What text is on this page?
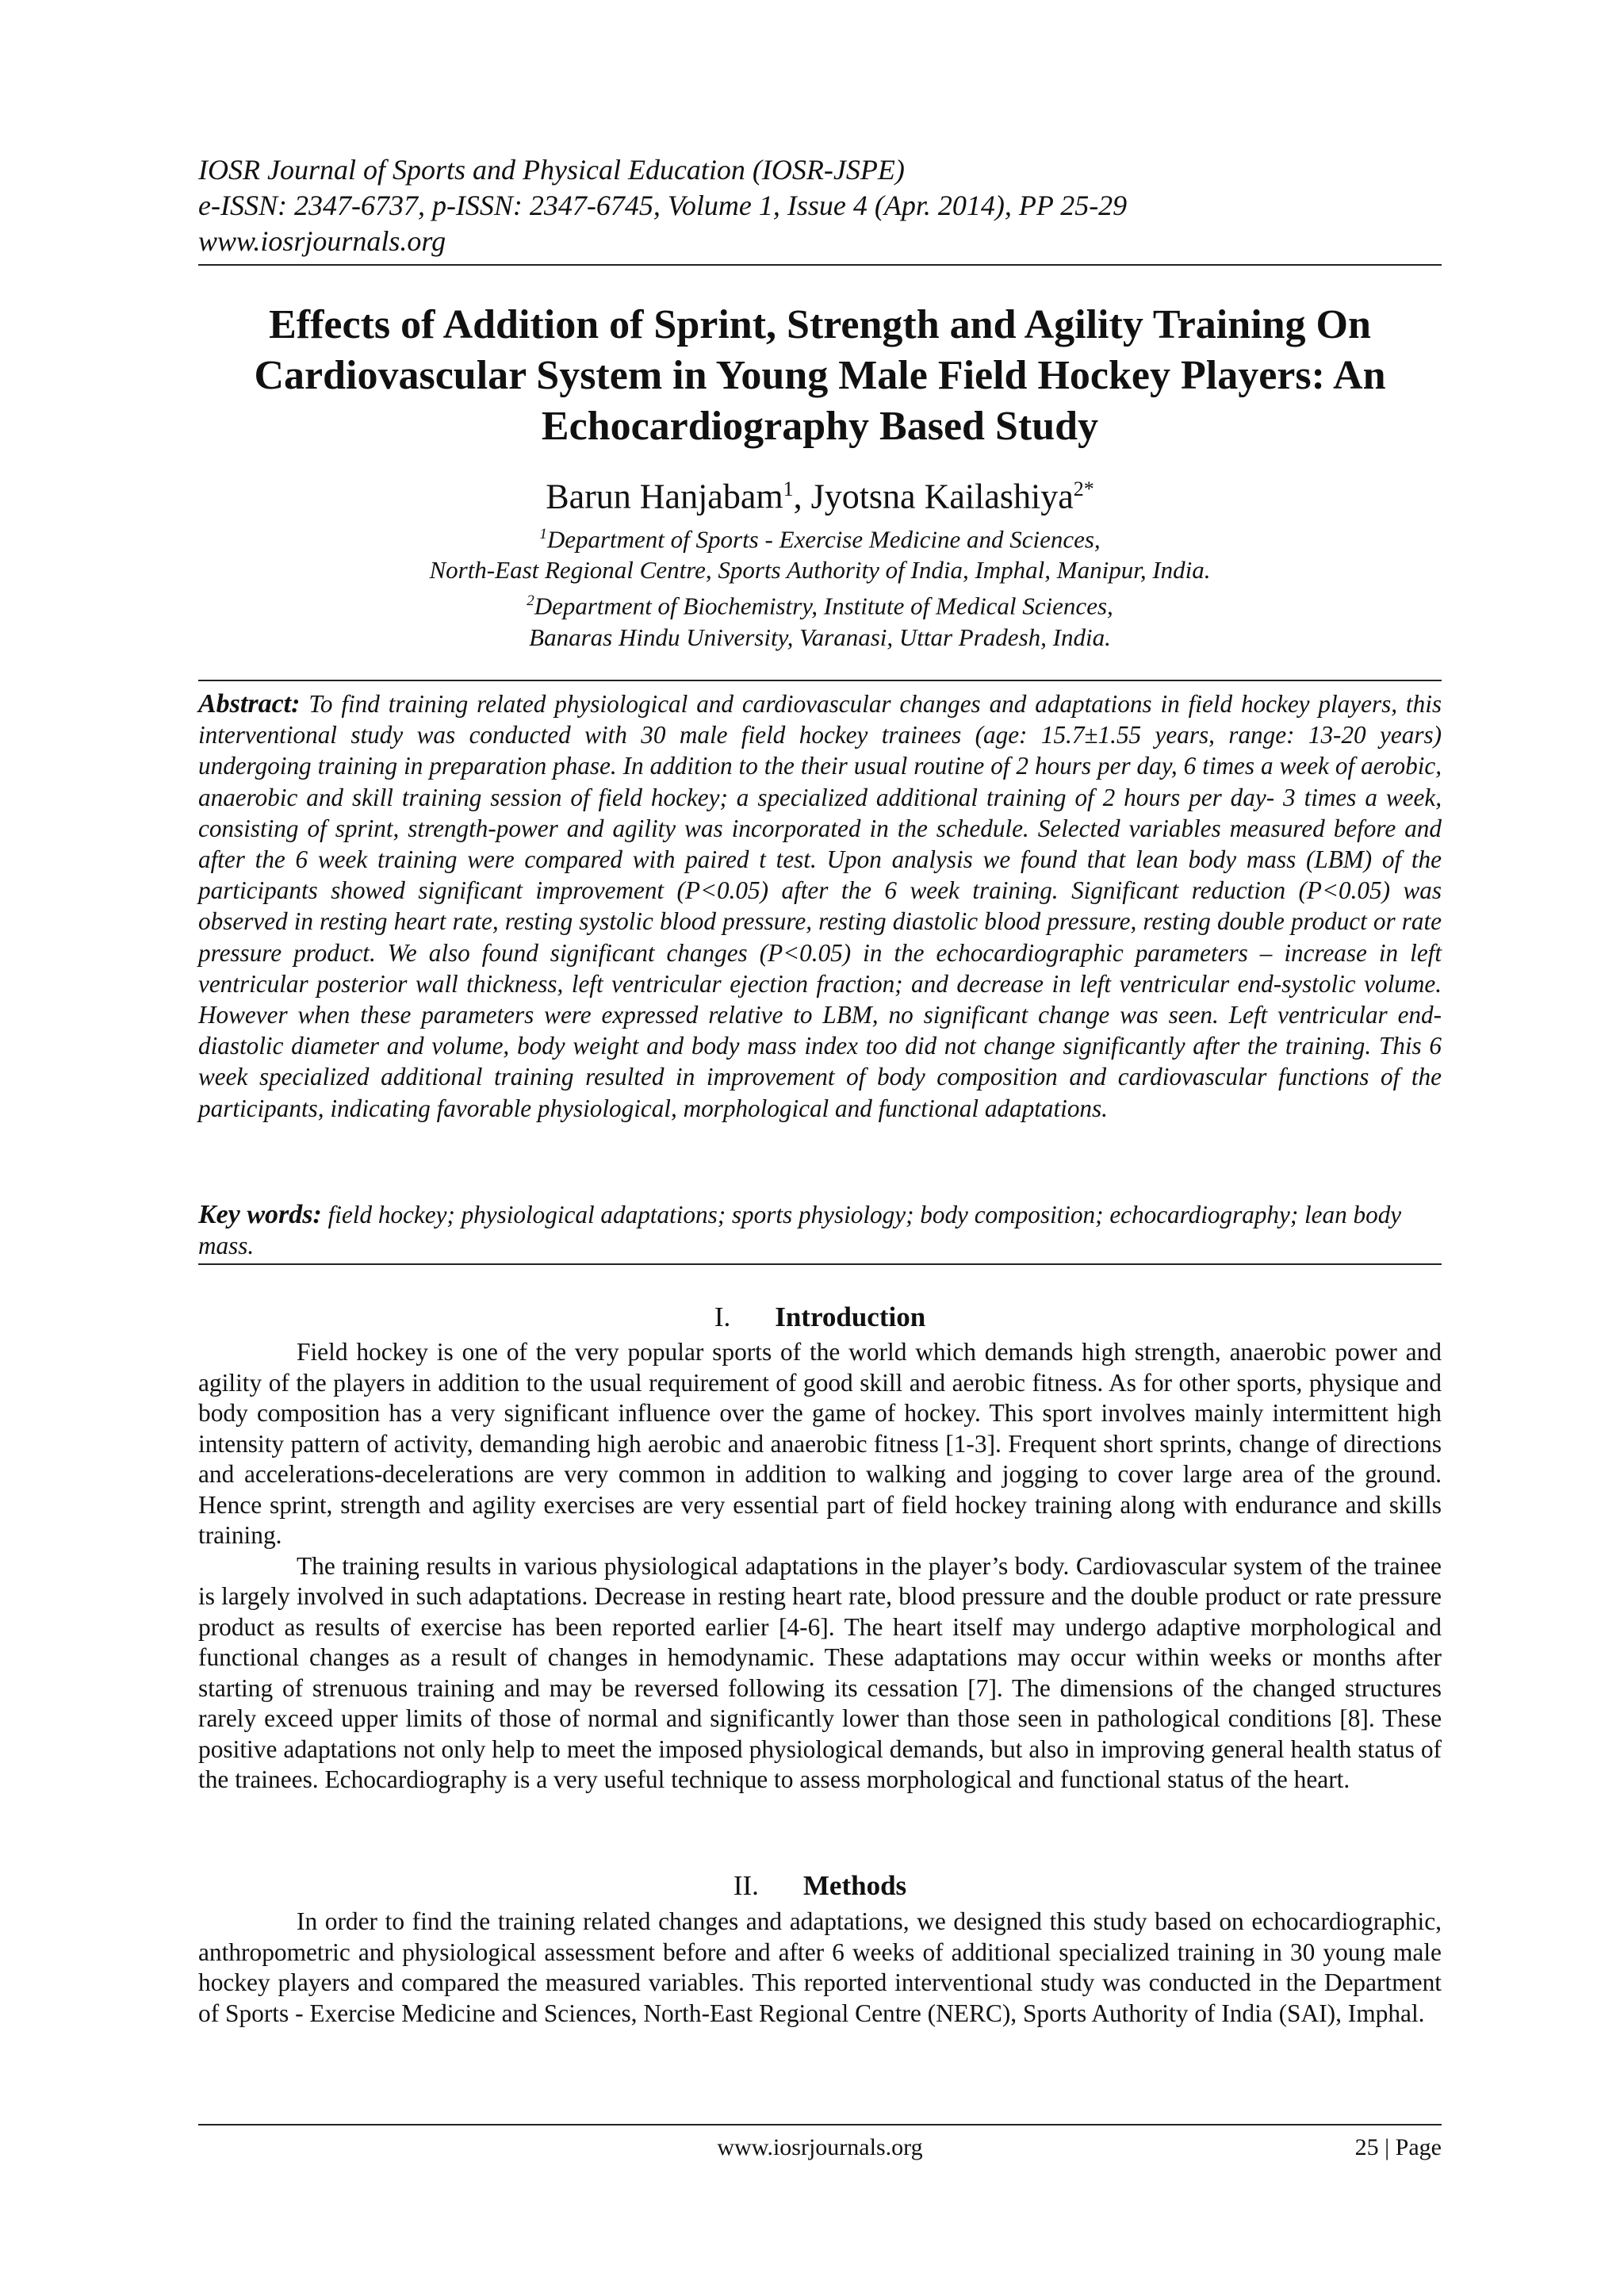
IOSR Journal of Sports and Physical Education (IOSR-JSPE)
e-ISSN: 2347-6737, p-ISSN: 2347-6745, Volume 1, Issue 4 (Apr. 2014), PP 25-29
www.iosrjournals.org
Effects of Addition of Sprint, Strength and Agility Training On
Cardiovascular System in Young Male Field Hockey Players: An
Echocardiography Based Study
Barun Hanjabam$^1$, Jyotsna Kailashiya$^{2*}$
$^1$Department of Sports - Exercise Medicine and Sciences,
North-East Regional Centre, Sports Authority of India, Imphal, Manipur, India.
$^2$Department of Biochemistry, Institute of Medical Sciences,
Banaras Hindu University, Varanasi, Uttar Pradesh, India.
Abstract: To find training related physiological and cardiovascular changes and adaptations in field hockey players, this interventional study was conducted with 30 male field hockey trainees (age: 15.7±1.55 years, range: 13-20 years) undergoing training in preparation phase. In addition to the their usual routine of 2 hours per day, 6 times a week of aerobic, anaerobic and skill training session of field hockey; a specialized additional training of 2 hours per day- 3 times a week, consisting of sprint, strength-power and agility was incorporated in the schedule. Selected variables measured before and after the 6 week training were compared with paired t test. Upon analysis we found that lean body mass (LBM) of the participants showed significant improvement (P<0.05) after the 6 week training. Significant reduction (P<0.05) was observed in resting heart rate, resting systolic blood pressure, resting diastolic blood pressure, resting double product or rate pressure product. We also found significant changes (P<0.05) in the echocardiographic parameters – increase in left ventricular posterior wall thickness, left ventricular ejection fraction; and decrease in left ventricular end-systolic volume. However when these parameters were expressed relative to LBM, no significant change was seen. Left ventricular end-diastolic diameter and volume, body weight and body mass index too did not change significantly after the training. This 6 week specialized additional training resulted in improvement of body composition and cardiovascular functions of the participants, indicating favorable physiological, morphological and functional adaptations.
Key words: field hockey; physiological adaptations; sports physiology; body composition; echocardiography; lean body mass.
I. Introduction

Field hockey is one of the very popular sports of the world which demands high strength, anaerobic power and agility of the players in addition to the usual requirement of good skill and aerobic fitness. As for other sports, physique and body composition has a very significant influence over the game of hockey. This sport involves mainly intermittent high intensity pattern of activity, demanding high aerobic and anaerobic fitness [1-3]. Frequent short sprints, change of directions and accelerations-decelerations are very common in addition to walking and jogging to cover large area of the ground. Hence sprint, strength and agility exercises are very essential part of field hockey training along with endurance and skills training.

The training results in various physiological adaptations in the player’s body. Cardiovascular system of the trainee is largely involved in such adaptations. Decrease in resting heart rate, blood pressure and the double product or rate pressure product as results of exercise has been reported earlier [4-6]. The heart itself may undergo adaptive morphological and functional changes as a result of changes in hemodynamic. These adaptations may occur within weeks or months after starting of strenuous training and may be reversed following its cessation [7]. The dimensions of the changed structures rarely exceed upper limits of those of normal and significantly lower than those seen in pathological conditions [8]. These positive adaptations not only help to meet the imposed physiological demands, but also in improving general health status of the trainees. Echocardiography is a very useful technique to assess morphological and functional status of the heart.

II. Methods

In order to find the training related changes and adaptations, we designed this study based on echocardiographic, anthropometric and physiological assessment before and after 6 weeks of additional specialized training in 30 young male hockey players and compared the measured variables. This reported interventional study was conducted in the Department of Sports - Exercise Medicine and Sciences, North-East Regional Centre (NERC), Sports Authority of India (SAI), Imphal.

www.iosrjournals.org	25 | Page
